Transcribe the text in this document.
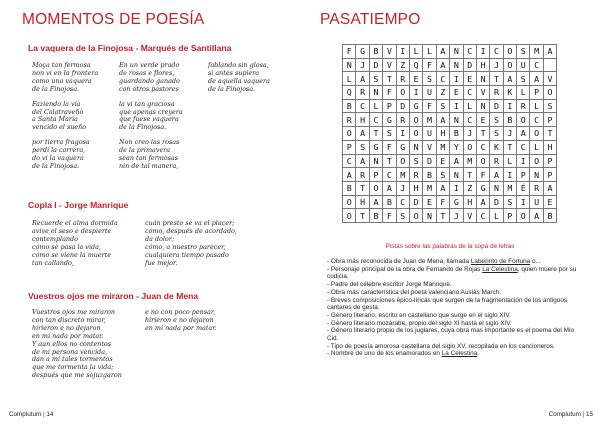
MOMENTOS DE POESÍA
La vaquera de la Finojosa - Marqués de Santillana
Moça tan fermosa
non vi en la frontera
como una vaquera
de la Finojosa.
Faziendo la vía
del Calatraveño
a Santa María
vencido el sueño
por tierra fragosa
perdí la carrera,
do vi la vaquera
de la Finojosa.
En un verde prado
de rosas e flores,
guardando ganado
con otros pastores
la vi tan graciosa
que apenas creyera
que fuese vaquera
de la Finojosa.
Non creo las rosas
de la primavera
sean tan fermosas
nin de tal manera,
fablando sin glosa,
si antes supiera
de aquella vaquera
de la Finojosa.
Copla I - Jorge Manrique
Recuerde el alma dormida
avive el seso e despierte
contemplando
cómo se pasa la vida,
cómo se viene la muerte
tan callando,
cuán presto se va el placer;
cómo, después de acordado,
da dolor;
cómo, a nuestro parecer,
cualquiera tiempo pasado
fue mejor.
Vuestros ojos me miraron - Juan de Mena
Vuestros ojos me miraron
con tan discreto mirar,
hirieron e no dejaron
en mí nada por matar.
Y aun ellos no contentos
de mi persona vencida,
dan a mi tales tormentos
que me tormenta la vida;
después que me sojuzgaron
e no con poco pensar,
hirieron e no dejaron
en mí nada por matar.
Complutum | 14
PASATIEMPO
F	G	B	V	I	L	L	A	N	C	I	C	O	S	M	A
N	J	D	V	Z	Q	F	A	N	D	H	J	O	U	C	
L	A	S	T	R	E	S	C	I	E	N	T	A	S	A	V
Q	R	N	F	O	I	U	Z	E	C	V	R	K	L	P	O
B	C	L	P	D	G	F	S	I	L	N	D	I	R	L	S
R	H	C	G	R	O	M	A	N	C	E	S	B	O	C	P
O	A	T	S	I	O	U	H	B	J	T	S	J	A	O	T
P	S	G	F	G	N	V	M	Y	O	C	K	T	C	L	H
C	A	N	T	O	S	D	E	A	M	O	R	L	I	O	P
A	R	P	C	M	R	B	S	N	T	F	A	I	P	N	P
B	T	O	A	J	H	M	A	I	Z	G	N	M	É	R	A
O	H	A	B	C	D	E	F	G	H	A	D	S	I	U	E
O	T	B	F	S	O	N	T	J	V	C	L	P	O	A	B
Pistas sobre las palabras de la sopa de letras
- Obra más reconocida de Juan de Mena, llamada Laberinto de Fortuna o...
- Personaje principal de la obra de Fernando de Rojas La Celestina, quien muere por su codicia.
- Padre del célebre escritor Jorge Manrique.
- Obra más característica del poeta valenciano Ausiàs March.
- Breves composiciones épico-líricas que surgen de la fragmentación de los antiguos cantares de gesta.
- Género literario, escrito en castellano que surge en el siglo XIV.
- Género literario mozárabe, propio del siglo XI hasta el siglo XIV.
- Género literario propio de los juglares, cuya obra mas importante es el poema del Mío Cid.
- Tipo de poesía amorosa castellana del siglo XV, recopilada en los cancioneros.
- Nombre de uno de los enamorados en La Celestina.
Complutum | 15
